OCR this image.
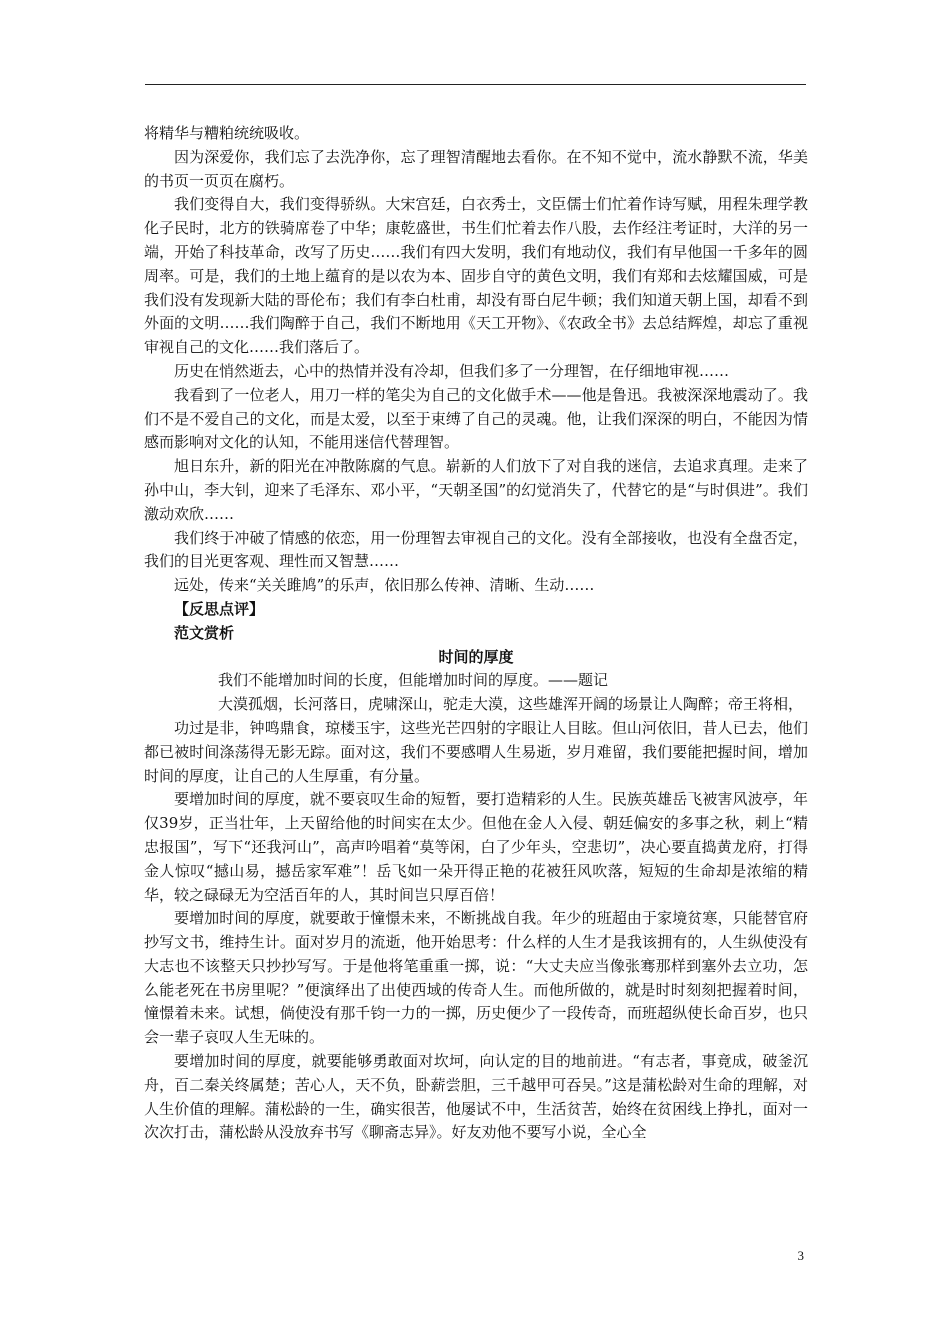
将精华与糟粕统统吸收。

因为深爱你，我们忘了去洗净你，忘了理智清醒地去看你。在不知不觉中，流水静默不流，华美的书页一页页在腐朽。

我们变得自大，我们变得骄纵。大宋宫廷，白衣秀士，文臣儒士们忙着作诗写赋，用程朱理学教化子民时，北方的铁骑席卷了中华；康乾盛世，书生们忙着去作八股，去作经注考证时，大洋的另一端，开始了科技革命，改写了历史……我们有四大发明，我们有地动仪，我们有早他国一千多年的圆周率。可是，我们的土地上蕴育的是以农为本、固步自守的黄色文明，我们有郑和去炫耀国威，可是我们没有发现新大陆的哥伦布；我们有李白杜甫，却没有哥白尼牛顿；我们知道天朝上国，却看不到外面的文明……我们陶醉于自己，我们不断地用《天工开物》、《农政全书》去总结辉煌，却忘了重视审视自己的文化……我们落后了。

历史在悄然逝去，心中的热情并没有冷却，但我们多了一分理智，在仔细地审视……

我看到了一位老人，用刀一样的笔尖为自己的文化做手术——他是鲁迅。我被深深地震动了。我们不是不爱自己的文化，而是太爱，以至于束缚了自己的灵魂。他，让我们深深的明白，不能因为情感而影响对文化的认知，不能用迷信代替理智。

旭日东升，新的阳光在冲散陈腐的气息。崭新的人们放下了对自我的迷信，去追求真理。走来了孙中山，李大钊，迎来了毛泽东、邓小平，“天朝圣国”的幻觉消失了，代替它的是“与时俱进”。我们激动欢欣……

我们终于冲破了情感的依恋，用一份理智去审视自己的文化。没有全部接收，也没有全盘否定，我们的目光更客观、理性而又智慧……

远处，传来“关关雎鸠”的乐声，依旧那么传神、清晰、生动……

【反思点评】

范文赏析

时间的厚度

我们不能增加时间的长度，但能增加时间的厚度。——题记

大漠孤烟，长河落日，虎啸深山，驼走大漠，这些雄浑开阔的场景让人陶醉；帝王将相，

功过是非，钟鸣鼎食，琼楼玉宇，这些光芒四射的字眼让人目眩。但山河依旧，昔人已去，他们都已被时间涤荡得无影无踪。面对这，我们不要感喟人生易逝，岁月难留，我们要能把握时间，增加时间的厚度，让自己的人生厚重，有分量。

要增加时间的厚度，就不要哀叹生命的短暂，要打造精彩的人生。民族英雄岳飞被害风波亭，年仅39岁，正当壮年，上天留给他的时间实在太少。但他在金人入侵、朝廷偏安的多事之秋，刺上“精忠报国”，写下“还我河山”，高声吟唱着“莫等闲，白了少年头，空悲切”，决心要直捣黄龙府，打得金人惊叹“撼山易，撼岳家军难”！岳飞如一朵开得正艳的花被狂风吹落，短短的生命却是浓缩的精华，较之碌碌无为空活百年的人，其时间岂只厚百倍！

要增加时间的厚度，就要敢于憧憬未来，不断挑战自我。年少的班超由于家境贫寒，只能替官府抄写文书，维持生计。面对岁月的流逝，他开始思考：什么样的人生才是我该拥有的，人生纵使没有大志也不该整天只抄抄写写。于是他将笔重重一掷，说：“大丈夫应当像张骞那样到塞外去立功，怎么能老死在书房里呢？”便演绎出了出使西域的传奇人生。而他所做的，就是时时刻刻把握着时间，憧憬着未来。试想，倘使没有那千钧一力的一掷，历史便少了一段传奇，而班超纵使长命百岁，也只会一辈子哀叹人生无味的。

要增加时间的厚度，就要能够勇敢面对坎坷，向认定的目的地前进。“有志者，事竟成，破釜沉舟，百二秦关终属楚；苦心人，天不负，卧薪尝胆，三千越甲可吞吴。”这是蒲松龄对生命的理解，对人生价值的理解。蒲松龄的一生，确实很苦，他屡试不中，生活贫苦，始终在贫困线上挣扎，面对一次次打击，蒲松龄从没放弃书写《聊斋志异》。好友劝他不要写小说，全心全

3
